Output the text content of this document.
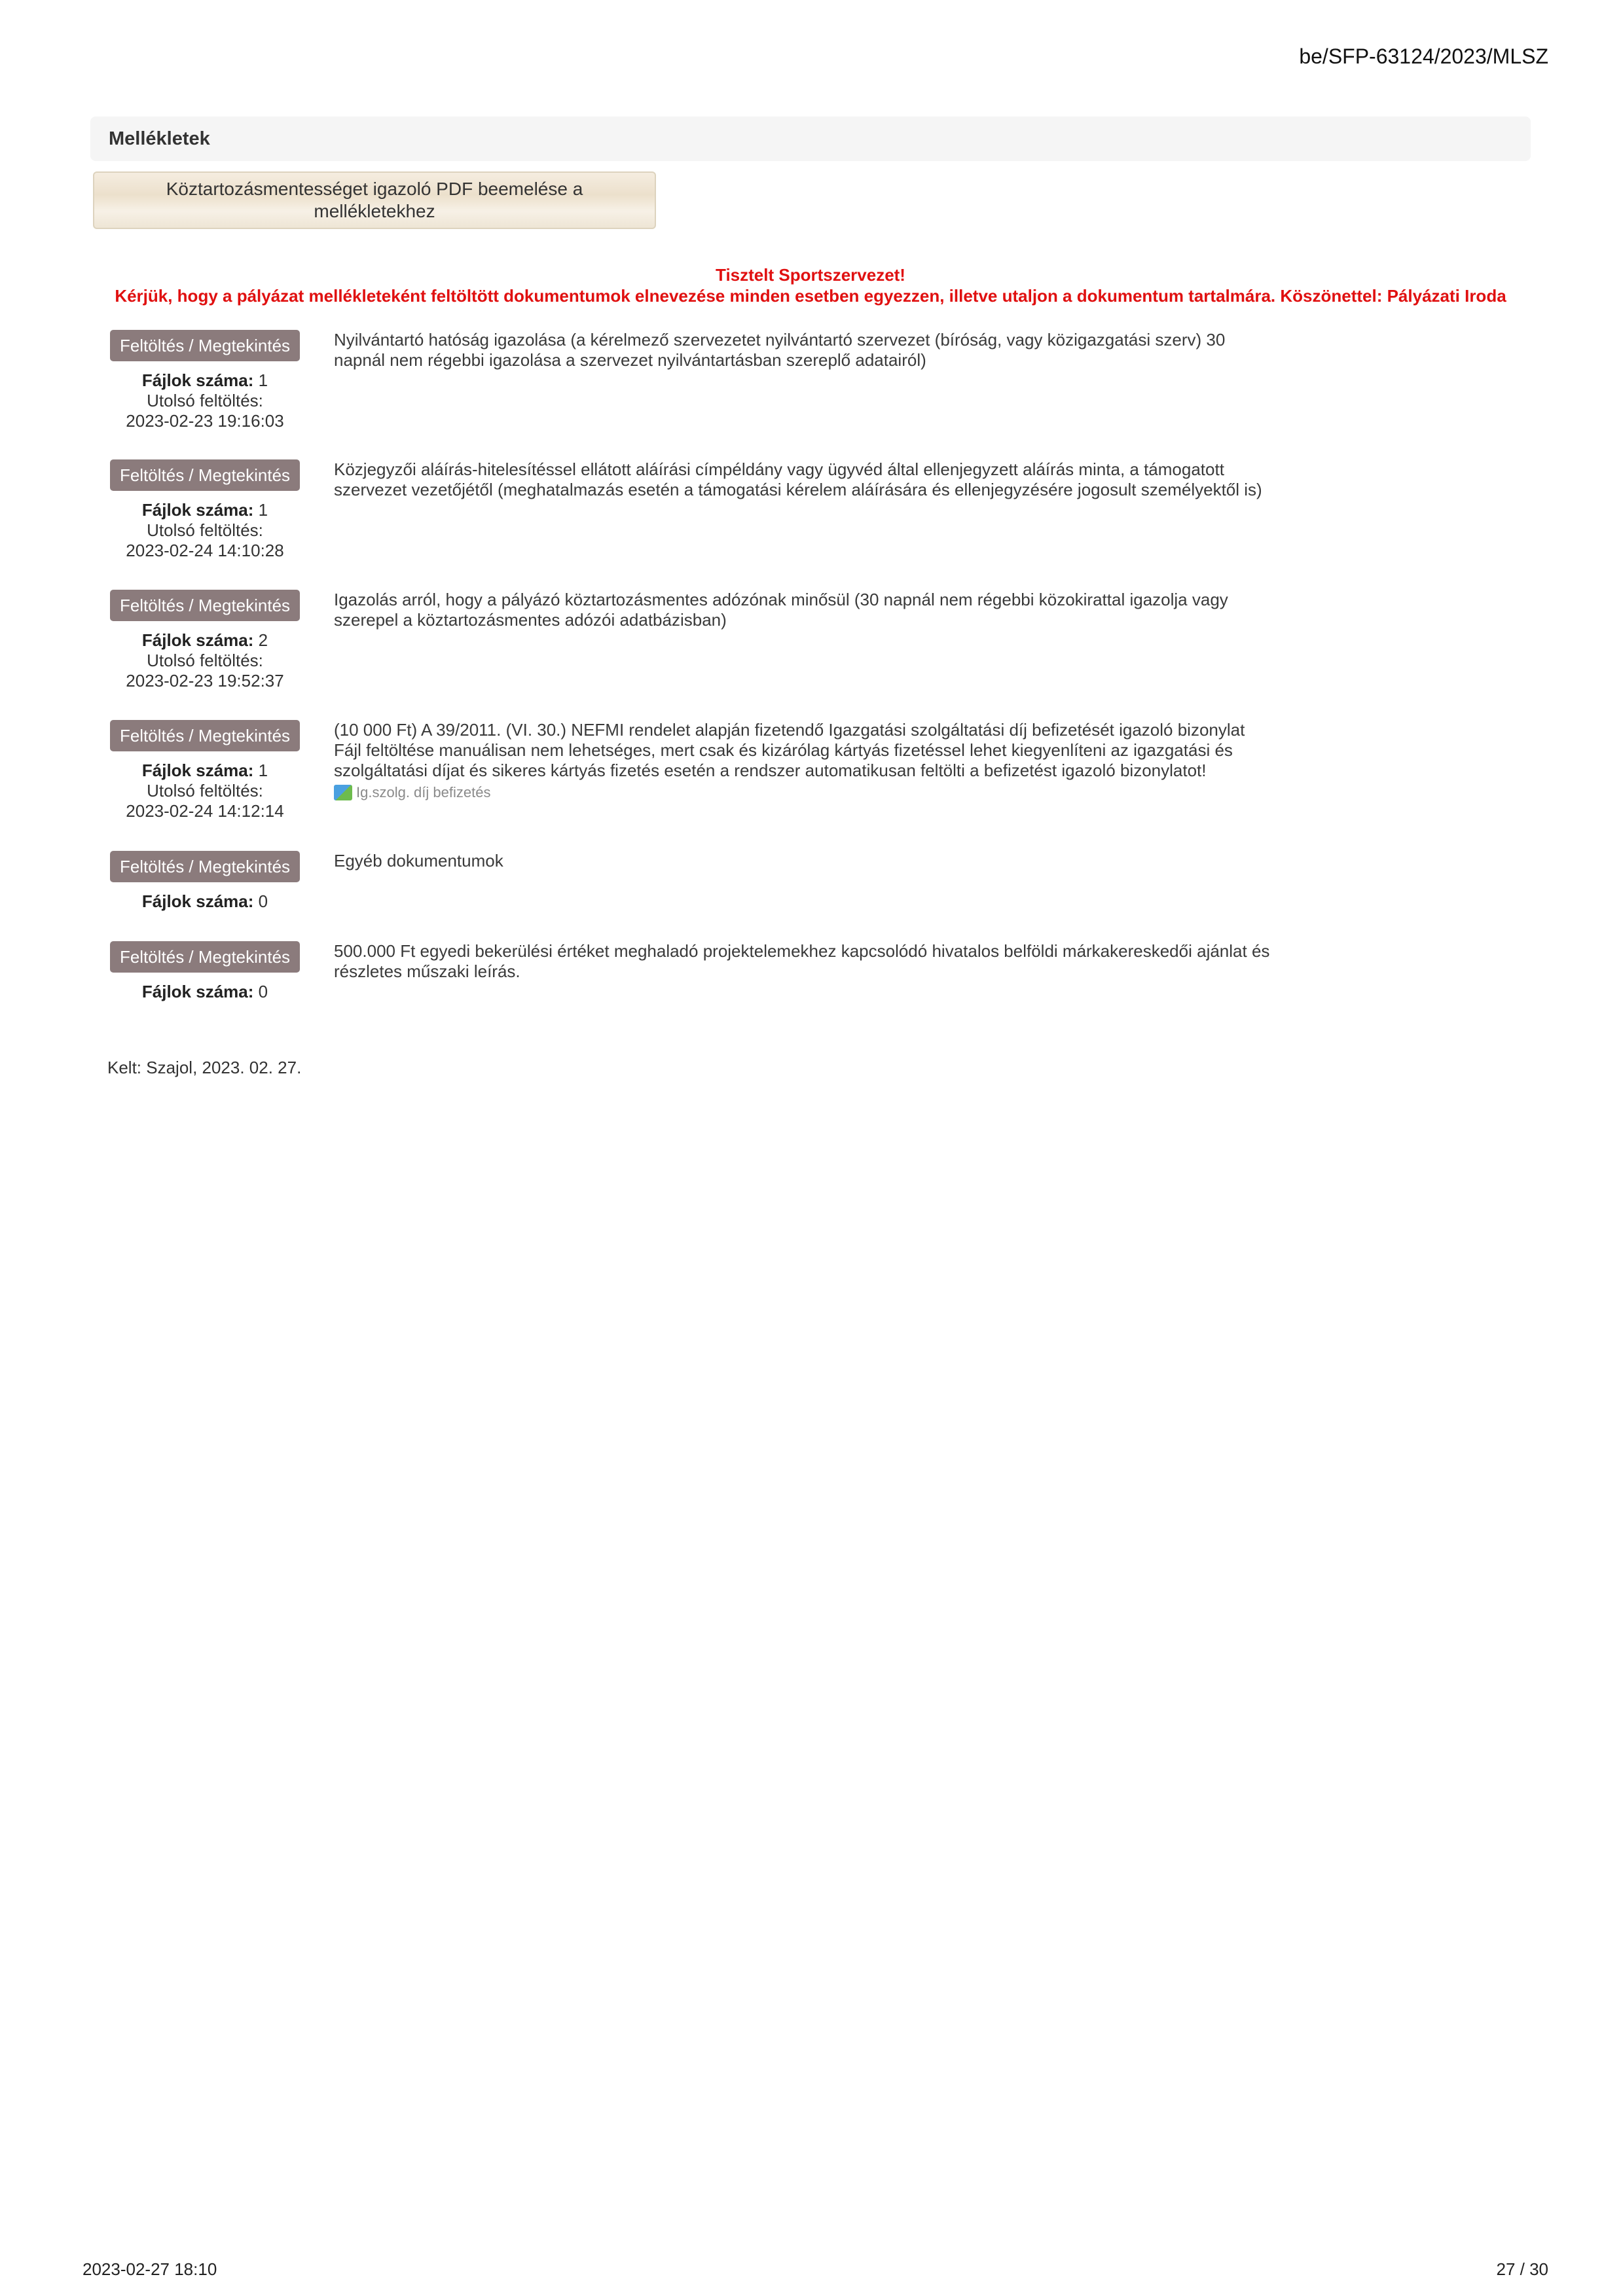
be/SFP-63124/2023/MLSZ
Mellékletek
Köztartozásmentességet igazoló PDF beemelése a mellékletekhez
Tisztelt Sportszervezet!
Kérjük, hogy a pályázat mellékleteként feltöltött dokumentumok elnevezése minden esetben egyezzen, illetve utaljon a dokumentum tartalmára. Köszönettel: Pályázati Iroda
Feltöltés / Megtekintés
Fájlok száma: 1
Utolsó feltöltés:
2023-02-23 19:16:03
Nyilvántartó hatóság igazolása (a kérelmező szervezetet nyilvántartó szervezet (bíróság, vagy közigazgatási szerv) 30 napnál nem régebbi igazolása a szervezet nyilvántartásban szereplő adatairól)
Feltöltés / Megtekintés
Fájlok száma: 1
Utolsó feltöltés:
2023-02-24 14:10:28
Közjegyzői aláírás-hitelesítéssel ellátott aláírási címpéldány vagy ügyvéd által ellenjegyzett aláírás minta, a támogatott szervezet vezetőjétől (meghatalmazás esetén a támogatási kérelem aláírására és ellenjegyzésére jogosult személyektől is)
Feltöltés / Megtekintés
Fájlok száma: 2
Utolsó feltöltés:
2023-02-23 19:52:37
Igazolás arról, hogy a pályázó köztartozásmentes adózónak minősül (30 napnál nem régebbi közokirattal igazolja vagy szerepel a köztartozásmentes adózói adatbázisban)
Feltöltés / Megtekintés
Fájlok száma: 1
Utolsó feltöltés:
2023-02-24 14:12:14
(10 000 Ft) A 39/2011. (VI. 30.) NEFMI rendelet alapján fizetendő Igazgatási szolgáltatási díj befizetését igazoló bizonylat
Fájl feltöltése manuálisan nem lehetséges, mert csak és kizárólag kártyás fizetéssel lehet kiegyenlíteni az igazgatási és szolgáltatási díjat és sikeres kártyás fizetés esetén a rendszer automatikusan feltölti a befizetést igazoló bizonylatot!
Ig.szolg. díj befizetés
Feltöltés / Megtekintés
Fájlok száma: 0
Egyéb dokumentumok
Feltöltés / Megtekintés
Fájlok száma: 0
500.000 Ft egyedi bekerülési értéket meghaladó projektelemekhez kapcsolódó hivatalos belföldi márkakereskedői ajánlat és részletes műszaki leírás.
Kelt: Szajol, 2023. 02. 27.
2023-02-27 18:10	27 / 30
